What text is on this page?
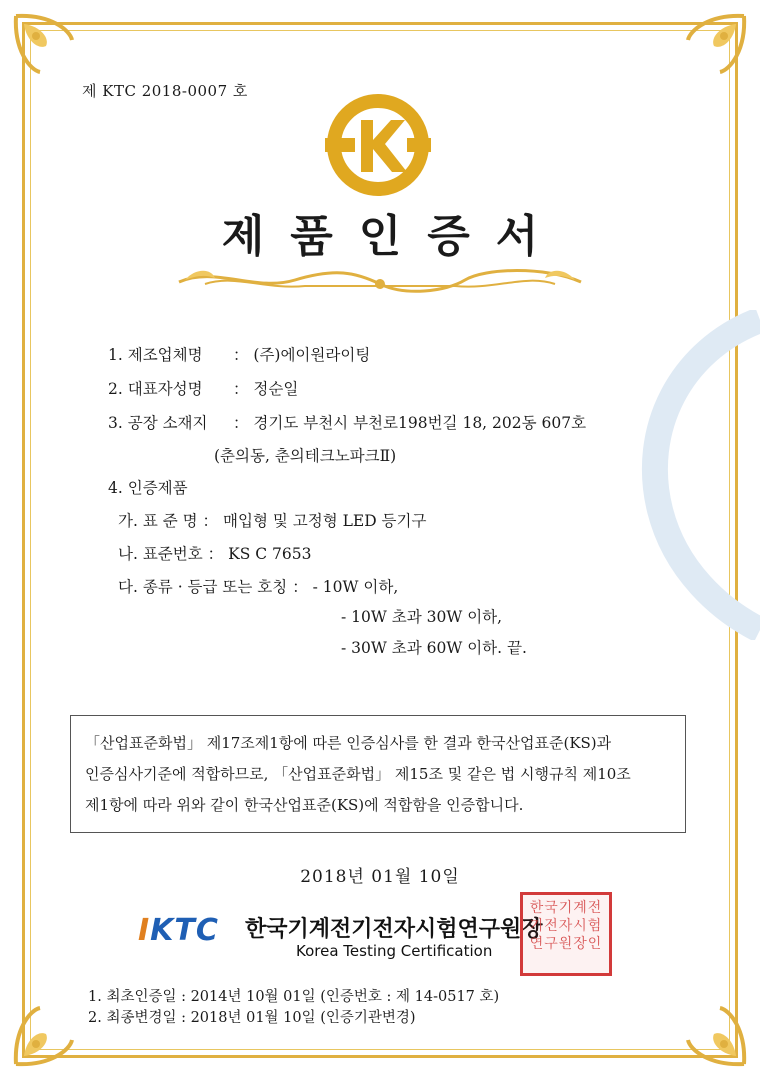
제 KTC 2018-0007 호
제품인증서
1. 제조업체명 ： (주)에이원라이팅
2. 대표자성명 ： 정순일
3. 공장 소재지 ： 경기도 부천시 부천로198번길 18, 202동 607호
(춘의동, 춘의테크노파크Ⅱ)
4. 인증제품
가. 표 준 명 ： 매입형 및 고정형 LED 등기구
나. 표준번호 ： KS C 7653
다. 종류 · 등급 또는 호칭 ： - 10W 이하,
- 10W 초과 30W 이하,
- 30W 초과 60W 이하. 끝.
「산업표준화법」 제17조제1항에 따른 인증심사를 한 결과 한국산업표준(KS)과
인증심사기준에 적합하므로, 「산업표준화법」 제15조 및 같은 법 시행규칙 제10조
제1항에 따라 위와 같이 한국산업표준(KS)에 적합함을 인증합니다.
2018년 01월 10일
IKTC 한국기계전기전자시험연구원장
Korea Testing Certification
한국기계전기전자시험연구원장인
1. 최초인증일 : 2014년 10월 01일 (인증번호 : 제 14-0517 호)
2. 최종변경일 : 2018년 01월 10일 (인증기관변경)
